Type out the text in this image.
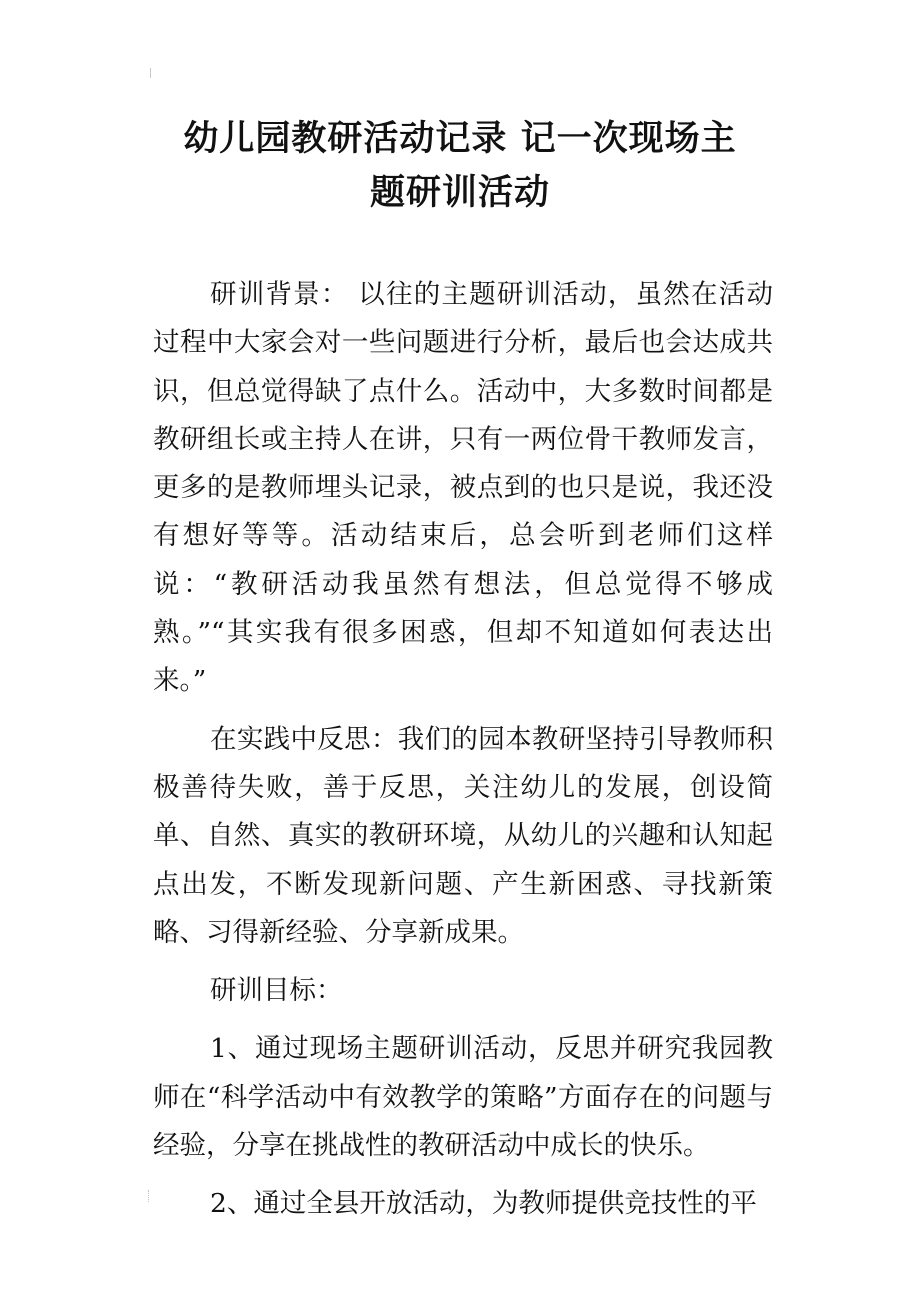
幼儿园教研活动记录 记一次现场主
题研训活动

研训背景： 以往的主题研训活动，虽然在活动过程中大家会对一些问题进行分析，最后也会达成共识，但总觉得缺了点什么。活动中，大多数时间都是教研组长或主持人在讲，只有一两位骨干教师发言，更多的是教师埋头记录，被点到的也只是说，我还没有想好等等。活动结束后，总会听到老师们这样说：“教研活动我虽然有想法，但总觉得不够成熟。”“其实我有很多困惑，但却不知道如何表达出来。”

在实践中反思：我们的园本教研坚持引导教师积极善待失败，善于反思，关注幼儿的发展，创设简单、自然、真实的教研环境，从幼儿的兴趣和认知起点出发，不断发现新问题、产生新困惑、寻找新策略、习得新经验、分享新成果。

研训目标：

1、通过现场主题研训活动，反思并研究我园教师在“科学活动中有效教学的策略”方面存在的问题与经验，分享在挑战性的教研活动中成长的快乐。

2、通过全县开放活动，为教师提供竞技性的平
